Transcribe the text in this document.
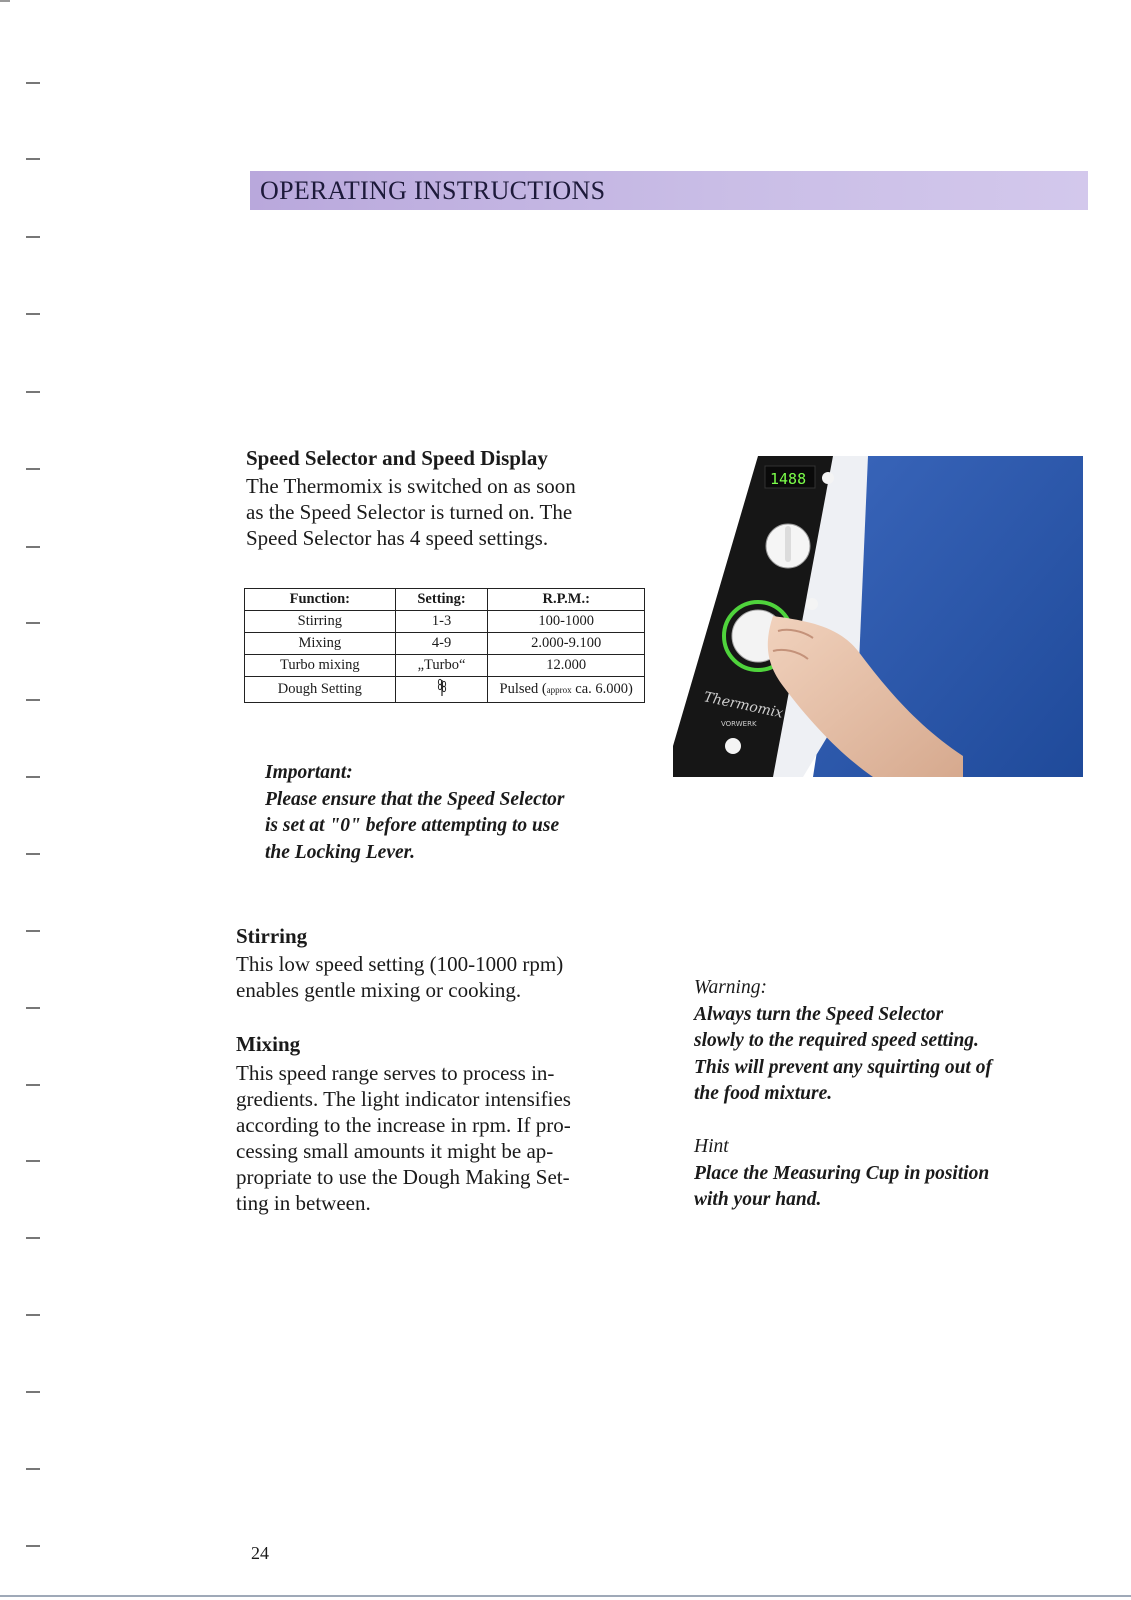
OPERATING INSTRUCTIONS
Speed Selector and Speed Display
The Thermomix is switched on as soon
as the Speed Selector is turned on. The
Speed Selector has 4 speed settings.
Function:	Setting:	R.P.M.:
Stirring	1-3	100-1000
Mixing	4-9	2.000-9.100
Turbo mixing	„Turbo“	12.000
Dough Setting		Pulsed (approx ca. 6.000)
1488
Thermomix
VORWERK
Important:
Please ensure that the Speed Selector
is set at "0" before attempting to use
the Locking Lever.
Stirring
This low speed setting (100-1000 rpm)
enables gentle mixing or cooking.
Mixing
This speed range serves to process in-
gredients. The light indicator intensifies
according to the increase in rpm. If pro-
cessing small amounts it might be ap-
propriate to use the Dough Making Set-
ting in between.
Warning:
Always turn the Speed Selector
slowly to the required speed setting.
This will prevent any squirting out of
the food mixture.
Hint
Place the Measuring Cup in position
with your hand.
24
